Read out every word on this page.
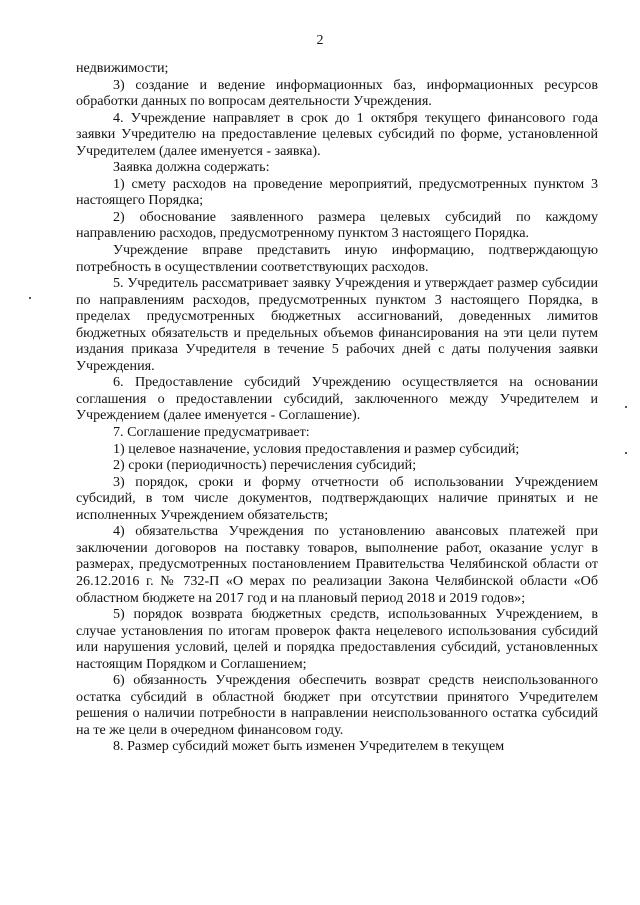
2

недвижимости;

3) создание и ведение информационных баз, информационных ресурсов обработки данных по вопросам деятельности Учреждения.

4. Учреждение направляет в срок до 1 октября текущего финансового года заявки Учредителю на предоставление целевых субсидий по форме, установленной Учредителем (далее именуется - заявка).

Заявка должна содержать:

1) смету расходов на проведение мероприятий, предусмотренных пунктом 3 настоящего Порядка;

2) обоснование заявленного размера целевых субсидий по каждому направлению расходов, предусмотренному пунктом 3 настоящего Порядка.

Учреждение вправе представить иную информацию, подтверждающую потребность в осуществлении соответствующих расходов.

5. Учредитель рассматривает заявку Учреждения и утверждает размер субсидии по направлениям расходов, предусмотренных пунктом 3 настоящего Порядка, в пределах предусмотренных бюджетных ассигнований, доведенных лимитов бюджетных обязательств и предельных объемов финансирования на эти цели путем издания приказа Учредителя в течение 5 рабочих дней с даты получения заявки Учреждения.

6. Предоставление субсидий Учреждению осуществляется на основании соглашения о предоставлении субсидий, заключенного между Учредителем и Учреждением (далее именуется - Соглашение).

7. Соглашение предусматривает:

1) целевое назначение, условия предоставления и размер субсидий;

2) сроки (периодичность) перечисления субсидий;

3) порядок, сроки и форму отчетности об использовании Учреждением субсидий, в том числе документов, подтверждающих наличие принятых и не исполненных Учреждением обязательств;

4) обязательства Учреждения по установлению авансовых платежей при заключении договоров на поставку товаров, выполнение работ, оказание услуг в размерах, предусмотренных постановлением Правительства Челябинской области от 26.12.2016 г. № 732-П «О мерах по реализации Закона Челябинской области «Об областном бюджете на 2017 год и на плановый период 2018 и 2019 годов»;

5) порядок возврата бюджетных средств, использованных Учреждением, в случае установления по итогам проверок факта нецелевого использования субсидий или нарушения условий, целей и порядка предоставления субсидий, установленных настоящим Порядком и Соглашением;

6) обязанность Учреждения обеспечить возврат средств неиспользованного остатка субсидий в областной бюджет при отсутствии принятого Учредителем решения о наличии потребности в направлении неиспользованного остатка субсидий на те же цели в очередном финансовом году.

8. Размер субсидий может быть изменен Учредителем в текущем
